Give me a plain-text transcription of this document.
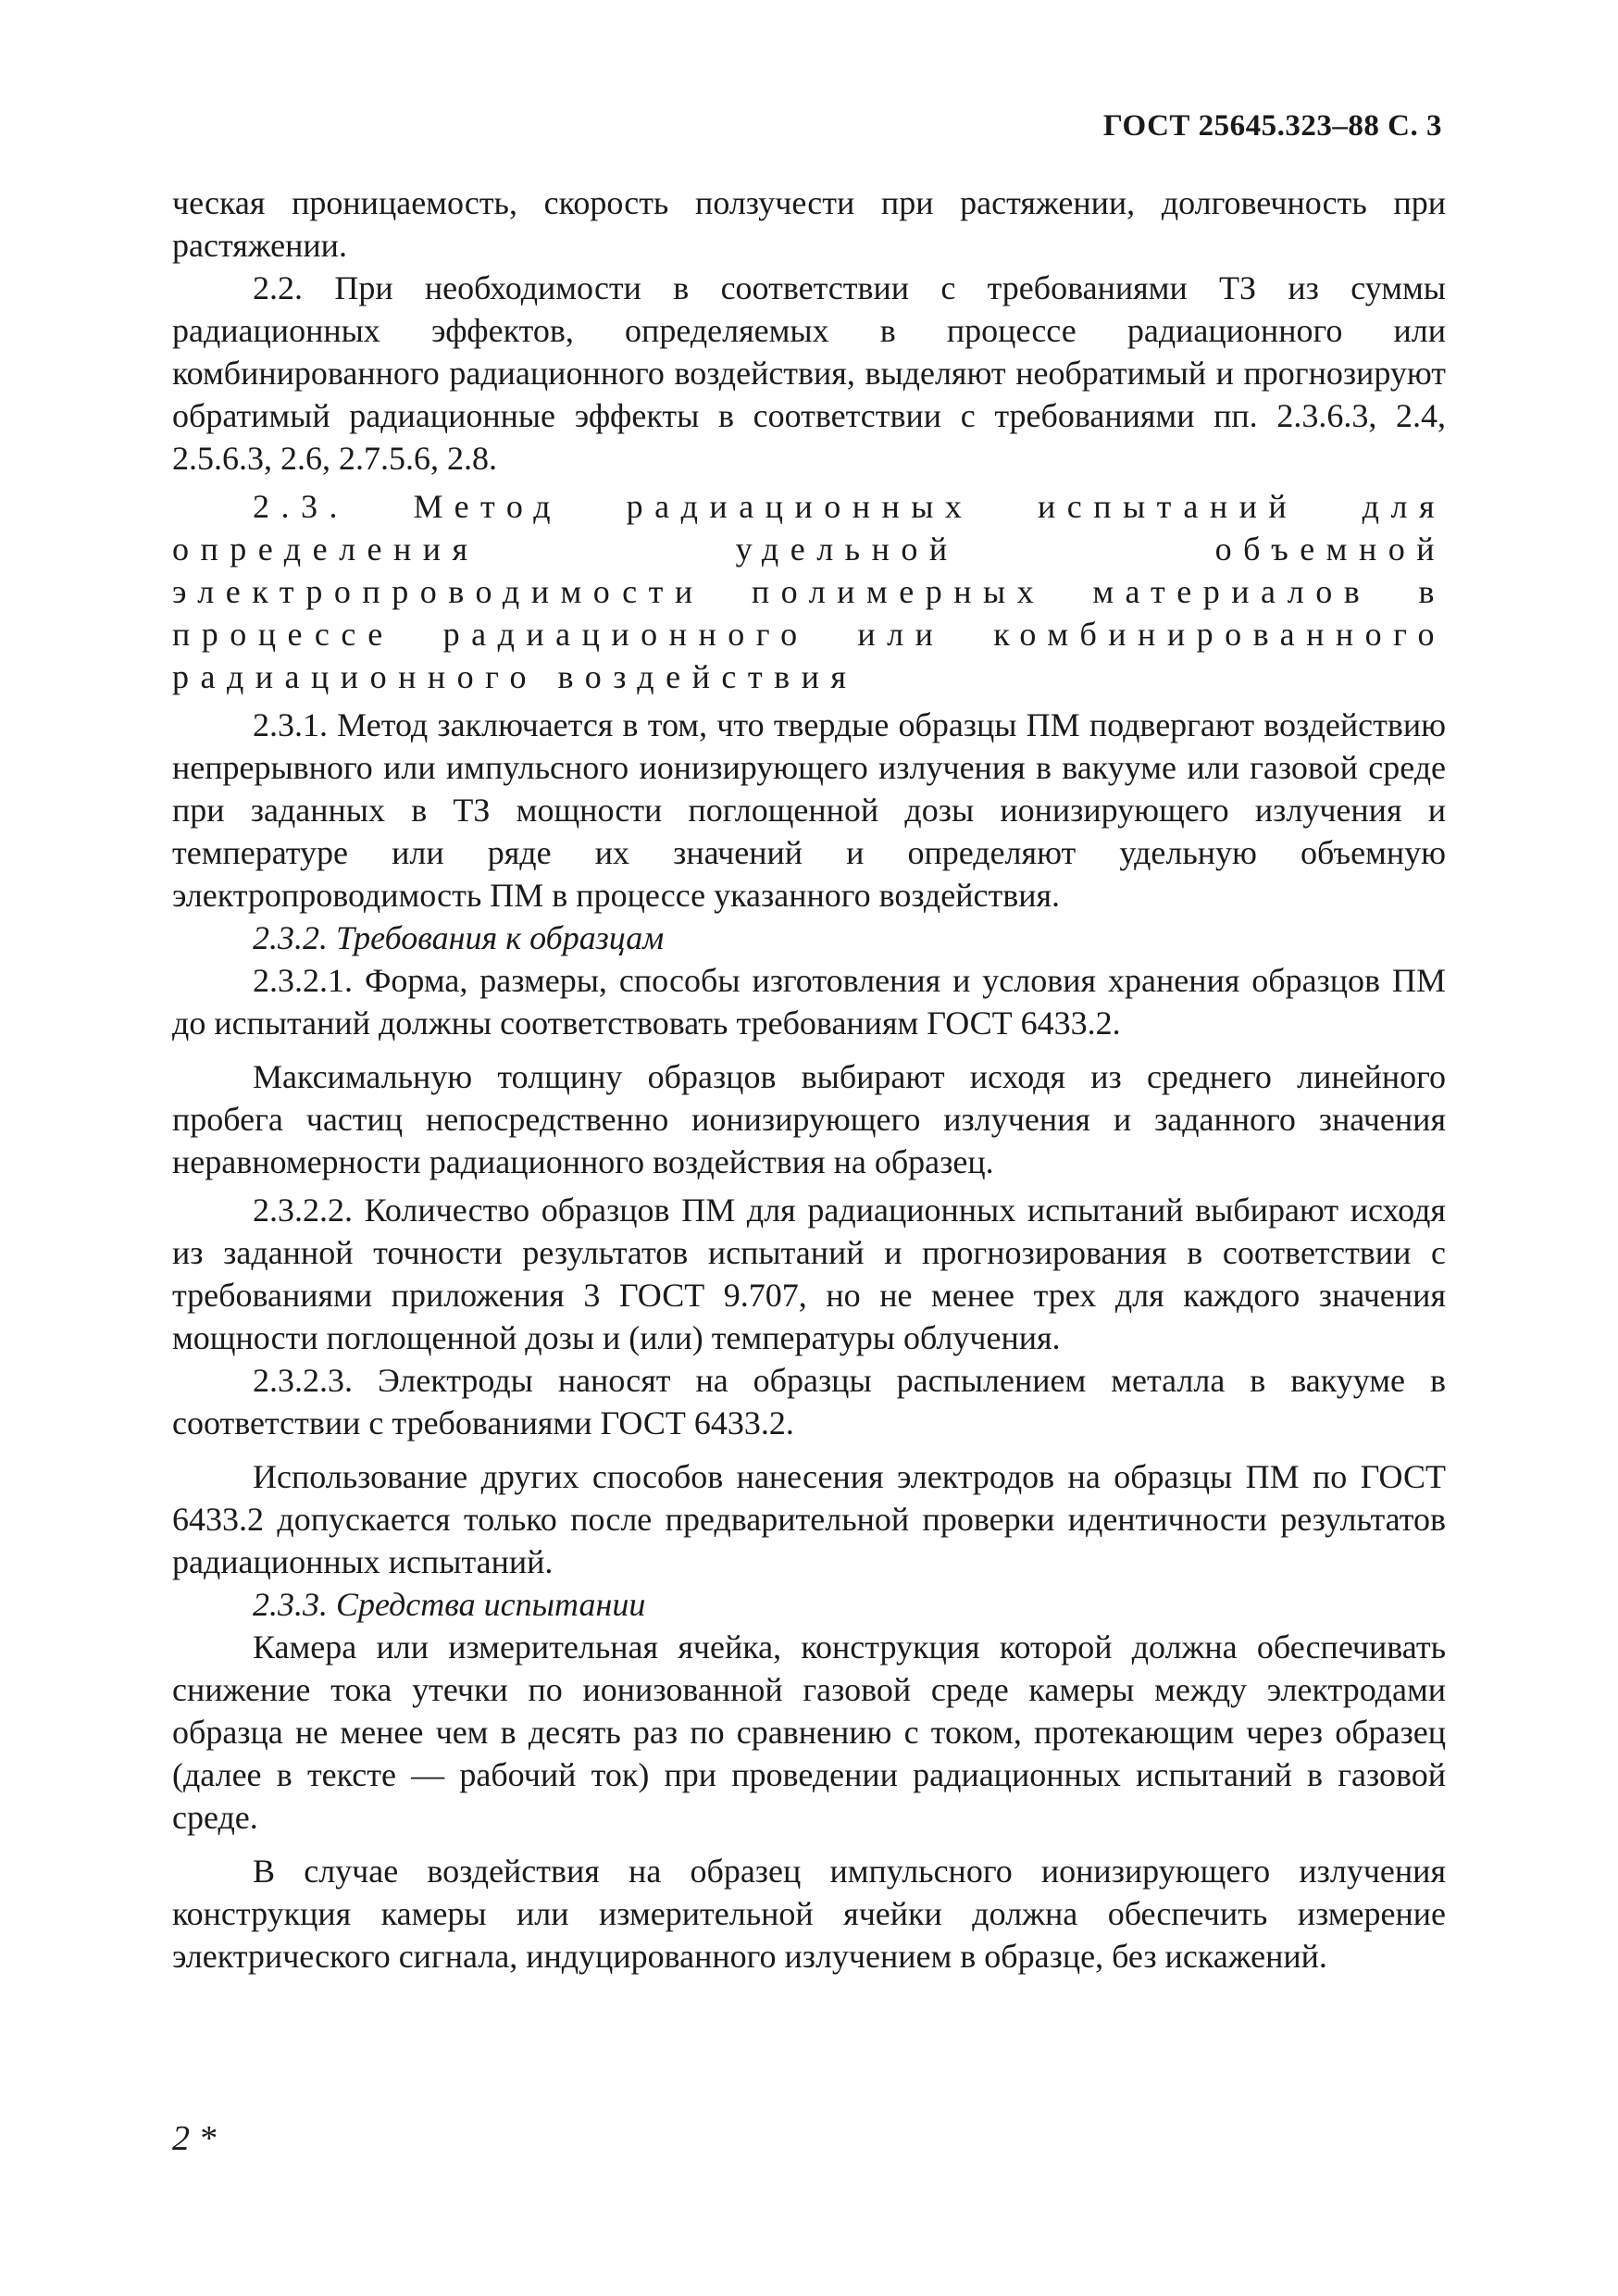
ГОСТ 25645.323–88 С. 3

ческая проницаемость, скорость ползучести при растяжении, долговечность при растяжении.

2.2. При необходимости в соответствии с требованиями ТЗ из суммы радиационных эффектов, определяемых в процессе радиационного или комбинированного радиационного воздействия, выделяют необратимый и прогнозируют обратимый радиационные эффекты в соответствии с требованиями пп. 2.3.6.3, 2.4, 2.5.6.3, 2.6, 2.7.5.6, 2.8.

2.3. Метод радиационных испытаний для определения удельной объемной электропроводимости полимерных материалов в процессе радиационного или комбинированного радиационного воздействия

2.3.1. Метод заключается в том, что твердые образцы ПМ подвергают воздействию непрерывного или импульсного ионизирующего излучения в вакууме или газовой среде при заданных в ТЗ мощности поглощенной дозы ионизирующего излучения и температуре или ряде их значений и определяют удельную объемную электропроводимость ПМ в процессе указанного воздействия.

2.3.2. Требования к образцам

2.3.2.1. Форма, размеры, способы изготовления и условия хранения образцов ПМ до испытаний должны соответствовать требованиям ГОСТ 6433.2.

Максимальную толщину образцов выбирают исходя из среднего линейного пробега частиц непосредственно ионизирующего излучения и заданного значения неравномерности радиационного воздействия на образец.

2.3.2.2. Количество образцов ПМ для радиационных испытаний выбирают исходя из заданной точности результатов испытаний и прогнозирования в соответствии с требованиями приложения 3 ГОСТ 9.707, но не менее трех для каждого значения мощности поглощенной дозы и (или) температуры облучения.

2.3.2.3. Электроды наносят на образцы распылением металла в вакууме в соответствии с требованиями ГОСТ 6433.2.

Использование других способов нанесения электродов на образцы ПМ по ГОСТ 6433.2 допускается только после предварительной проверки идентичности результатов радиационных испытаний.

2.3.3. Средства испытании

Камера или измерительная ячейка, конструкция которой должна обеспечивать снижение тока утечки по ионизованной газовой среде камеры между электродами образца не менее чем в десять раз по сравнению с током, протекающим через образец (далее в тексте — рабочий ток) при проведении радиационных испытаний в газовой среде.

В случае воздействия на образец импульсного ионизирующего излучения конструкция камеры или измерительной ячейки должна обеспечить измерение электрического сигнала, индуцированного излучением в образце, без искажений.

2 *
